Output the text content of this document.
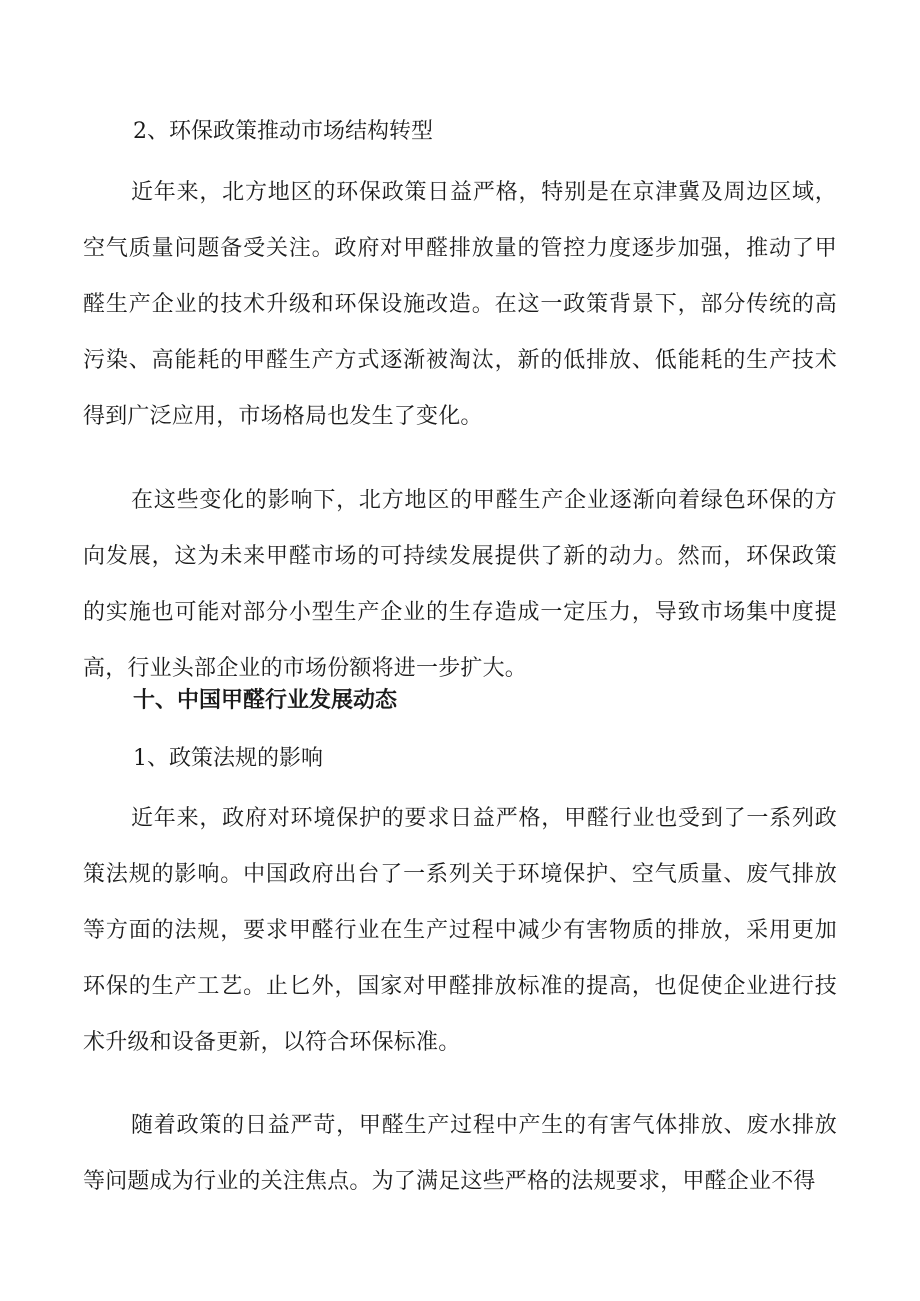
2、环保政策推动市场结构转型

近年来，北方地区的环保政策日益严格，特别是在京津冀及周边区域，空气质量问题备受关注。政府对甲醛排放量的管控力度逐步加强，推动了甲醛生产企业的技术升级和环保设施改造。在这一政策背景下，部分传统的高污染、高能耗的甲醛生产方式逐渐被淘汰，新的低排放、低能耗的生产技术得到广泛应用，市场格局也发生了变化。

在这些变化的影响下，北方地区的甲醛生产企业逐渐向着绿色环保的方向发展，这为未来甲醛市场的可持续发展提供了新的动力。然而，环保政策的实施也可能对部分小型生产企业的生存造成一定压力，导致市场集中度提高，行业头部企业的市场份额将进一步扩大。

十、中国甲醛行业发展动态
1、政策法规的影响

近年来，政府对环境保护的要求日益严格，甲醛行业也受到了一系列政策法规的影响。中国政府出台了一系列关于环境保护、空气质量、废气排放等方面的法规，要求甲醛行业在生产过程中减少有害物质的排放，采用更加环保的生产工艺。止匕外，国家对甲醛排放标准的提高，也促使企业进行技术升级和设备更新，以符合环保标准。

随着政策的日益严苛，甲醛生产过程中产生的有害气体排放、废水排放等问题成为行业的关注焦点。为了满足这些严格的法规要求，甲醛企业不得
